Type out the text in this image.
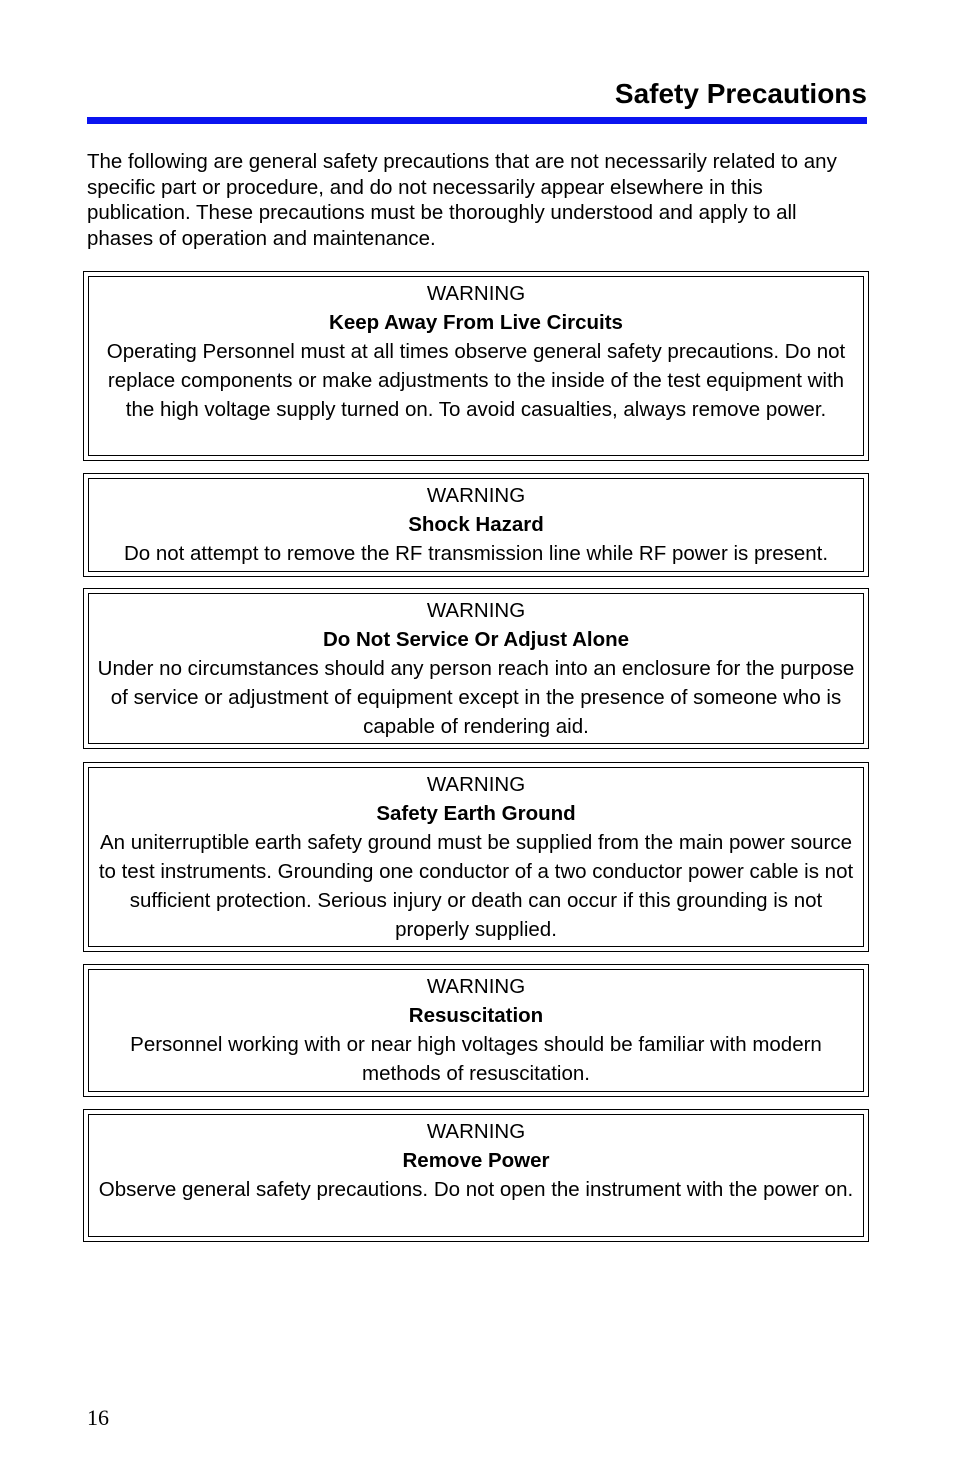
Safety Precautions

The following are general safety precautions that are not necessarily related to any specific part or procedure, and do not necessarily appear elsewhere in this publication. These precautions must be thoroughly understood and apply to all phases of operation and maintenance.

WARNING
Keep Away From Live Circuits
Operating Personnel must at all times observe general safety precautions. Do not replace components or make adjustments to the inside of the test equipment with the high voltage supply turned on. To avoid casualties, always remove power.
WARNING
Shock Hazard
Do not attempt to remove the RF transmission line while RF power is present.
WARNING
Do Not Service Or Adjust Alone
Under no circumstances should any person reach into an enclosure for the purpose of service or adjustment of equipment except in the presence of someone who is capable of rendering aid.
WARNING
Safety Earth Ground
An uniterruptible earth safety ground must be supplied from the main power source to test instruments. Grounding one conductor of a two conductor power cable is not sufficient protection. Serious injury or death can occur if this grounding is not properly supplied.
WARNING
Resuscitation
Personnel working with or near high voltages should be familiar with modern methods of resuscitation.
WARNING
Remove Power
Observe general safety precautions. Do not open the instrument with the power on.
16
